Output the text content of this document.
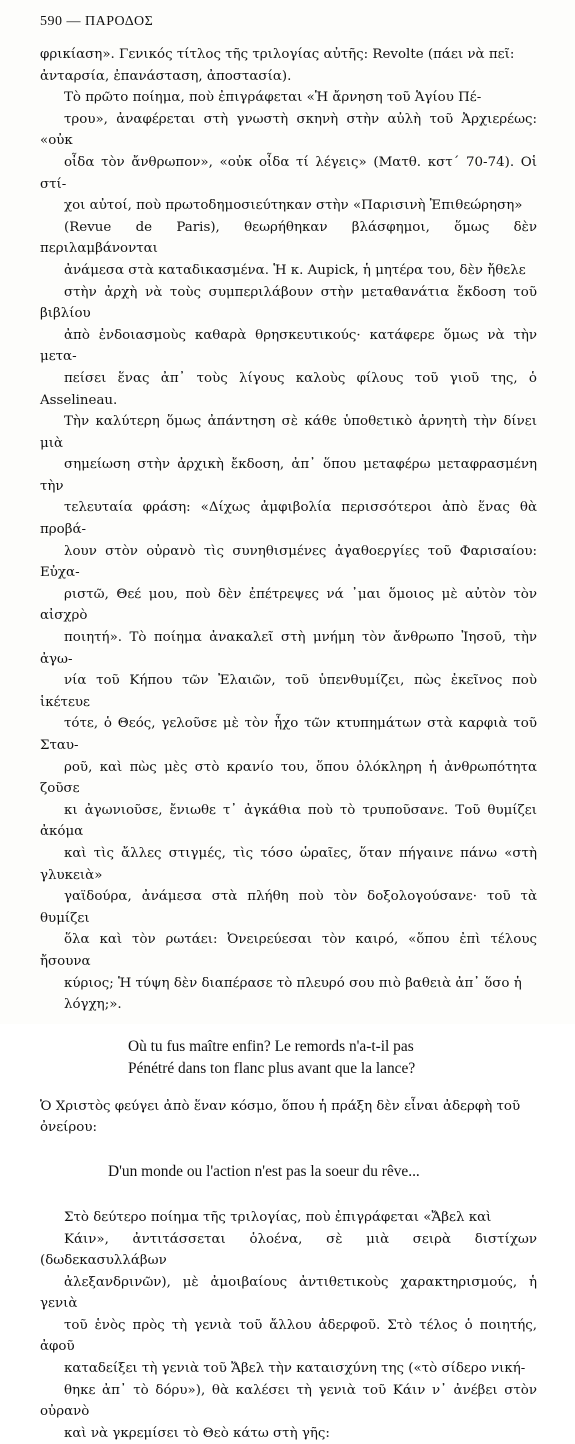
590 — ΠΑΡΟΔΟΣ

φρικίαση». Γενικός τίτλος τῆς τριλογίας αὐτῆς: Revolte (πάει νὰ πεῖ:
ἀνταρσία, ἐπανάσταση, ἀποστασία).

Τὸ πρῶτο ποίημα, ποὺ ἐπιγράφεται «Ἡ ἄρνηση τοῦ Ἁγίου Πέ-
τρου», ἀναφέρεται στὴ γνωστὴ σκηνὴ στὴν αὐλὴ τοῦ Ἀρχιερέως: «οὐκ
οἶδα τὸν ἄνθρωπον», «οὐκ οἶδα τί λέγεις» (Ματθ. κστ΄ 70-74). Οἱ στί-
χοι αὐτοί, ποὺ πρωτοδημοσιεύτηκαν στὴν «Παρισινὴ Ἐπιθεώρηση»
(Revue de Paris), θεωρήθηκαν βλάσφημοι, ὅμως δὲν περιλαμβάνονται
ἀνάμεσα στὰ καταδικασμένα. Ἡ κ. Aupick, ἡ μητέρα του, δὲν ἤθελε
στὴν ἀρχὴ νὰ τοὺς συμπεριλάβουν στὴν μεταθανάτια ἔκδοση τοῦ βιβλίου
ἀπὸ ἐνδοιασμοὺς καθαρὰ θρησκευτικούς· κατάφερε ὅμως νὰ τὴν μετα-
πείσει ἕνας ἀπ᾽ τοὺς λίγους καλοὺς φίλους τοῦ γιοῦ της, ὁ Asselineau.
Τὴν καλύτερη ὅμως ἀπάντηση σὲ κάθε ὑποθετικὸ ἀρνητὴ τὴν δίνει μιὰ
σημείωση στὴν ἀρχικὴ ἔκδοση, ἀπ᾽ ὅπου μεταφέρω μεταφρασμένη τὴν
τελευταία φράση: «Δίχως ἀμφιβολία περισσότεροι ἀπὸ ἕνας θὰ προβά-
λουν στὸν οὐρανὸ τὶς συνηθισμένες ἀγαθοεργίες τοῦ Φαρισαίου: Εὐχα-
ριστῶ, Θεέ μου, ποὺ δὲν ἐπέτρεψες νά ᾽μαι ὅμοιος μὲ αὐτὸν τὸν αἰσχρὸ
ποιητή». Τὸ ποίημα ἀνακαλεῖ στὴ μνήμη τὸν ἄνθρωπο Ἰησοῦ, τὴν ἀγω-
νία τοῦ Κήπου τῶν Ἐλαιῶν, τοῦ ὑπενθυμίζει, πὼς ἐκεῖνος ποὺ ἱκέτευε
τότε, ὁ Θεός, γελοῦσε μὲ τὸν ἦχο τῶν κτυπημάτων στὰ καρφιὰ τοῦ Σταυ-
ροῦ, καὶ πὼς μὲς στὸ κρανίο του, ὅπου ὁλόκληρη ἡ ἀνθρωπότητα ζοῦσε
κι ἀγωνιοῦσε, ἔνιωθε τ᾽ ἀγκάθια ποὺ τὸ τρυποῦσανε. Τοῦ θυμίζει ἀκόμα
καὶ τὶς ἄλλες στιγμές, τὶς τόσο ὡραῖες, ὅταν πήγαινε πάνω «στὴ γλυκειὰ»
γαϊδούρα, ἀνάμεσα στὰ πλήθη ποὺ τὸν δοξολογούσανε· τοῦ τὰ θυμίζει
ὅλα καὶ τὸν ρωτάει: Ὀνειρεύεσαι τὸν καιρό, «ὅπου ἐπὶ τέλους ἤσουνα
κύριος; Ἡ τύψη δὲν διαπέρασε τὸ πλευρό σου πιὸ βαθειὰ ἀπ᾽ ὅσο ἡ
λόγχη;».

Où tu fus maître enfin? Le remords n'a-t-il pas
Pénétré dans ton flanc plus avant que la lance?

Ὁ Χριστὸς φεύγει ἀπὸ ἕναν κόσμο, ὅπου ἡ πράξη δὲν εἶναι ἀδερφὴ τοῦ
ὀνείρου:

D'un monde ou l'action n'est pas la soeur du rêve...

Στὸ δεύτερο ποίημα τῆς τριλογίας, ποὺ ἐπιγράφεται «Ἄβελ καὶ
Κάιν», ἀντιτάσσεται ὁλοένα, σὲ μιὰ σειρὰ διστίχων (δωδεκασυλλάβων
ἀλεξανδρινῶν), μὲ ἀμοιβαίους ἀντιθετικοὺς χαρακτηρισμούς, ἡ γενιὰ
τοῦ ἑνὸς πρὸς τὴ γενιὰ τοῦ ἄλλου ἀδερφοῦ. Στὸ τέλος ὁ ποιητής, ἀφοῦ
καταδείξει τὴ γενιὰ τοῦ Ἄβελ τὴν καταισχύνη της («τὸ σίδερο νική-
θηκε ἀπ᾽ τὸ δόρυ»), θὰ καλέσει τὴ γενιὰ τοῦ Κάιν ν᾽ ἀνέβει στὸν οὐρανὸ
καὶ νὰ γκρεμίσει τὸ Θεὸ κάτω στὴ γῆς:
